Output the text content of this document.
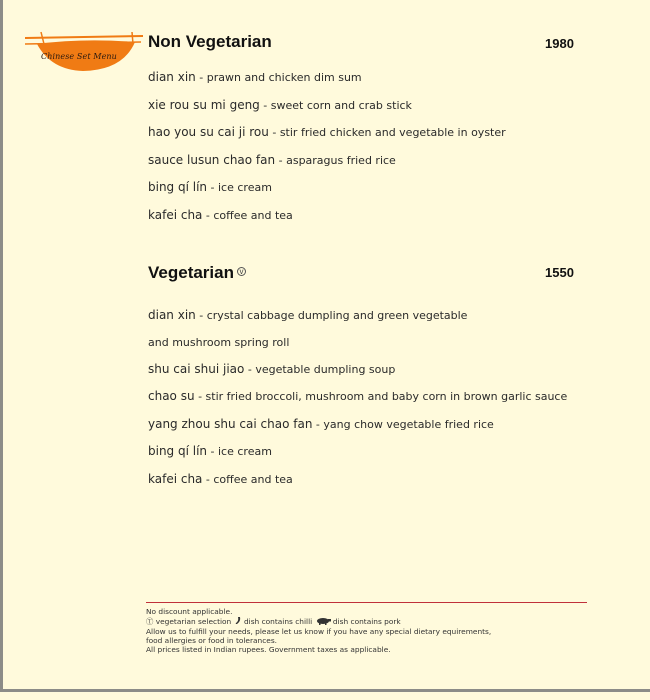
Chinese Set Menu
Non Vegetarian	1980
dian xin - prawn and chicken dim sum
xie rou su mi geng - sweet corn and crab stick
hao you su cai ji rou - stir fried chicken and vegetable in oyster
sauce lusun chao fan - asparagus fried rice
bing qí lín - ice cream
kafei cha - coffee and tea
Vegetarian v	1550
dian xin - crystal cabbage dumpling and green vegetable
and mushroom spring roll
shu cai shui jiao - vegetable dumpling soup
chao su - stir fried broccoli, mushroom and baby corn in brown garlic sauce
yang zhou shu cai chao fan - yang chow vegetable fried rice
bing qí lín - ice cream
kafei cha - coffee and tea
No discount applicable.
Ⓣ vegetarian selection dish contains chilli	dish contains pork
Allow us to fulfill your needs, please let us know if you have any special dietary equirements,
food allergies or food in tolerances.
All prices listed in Indian rupees. Government taxes as applicable.
